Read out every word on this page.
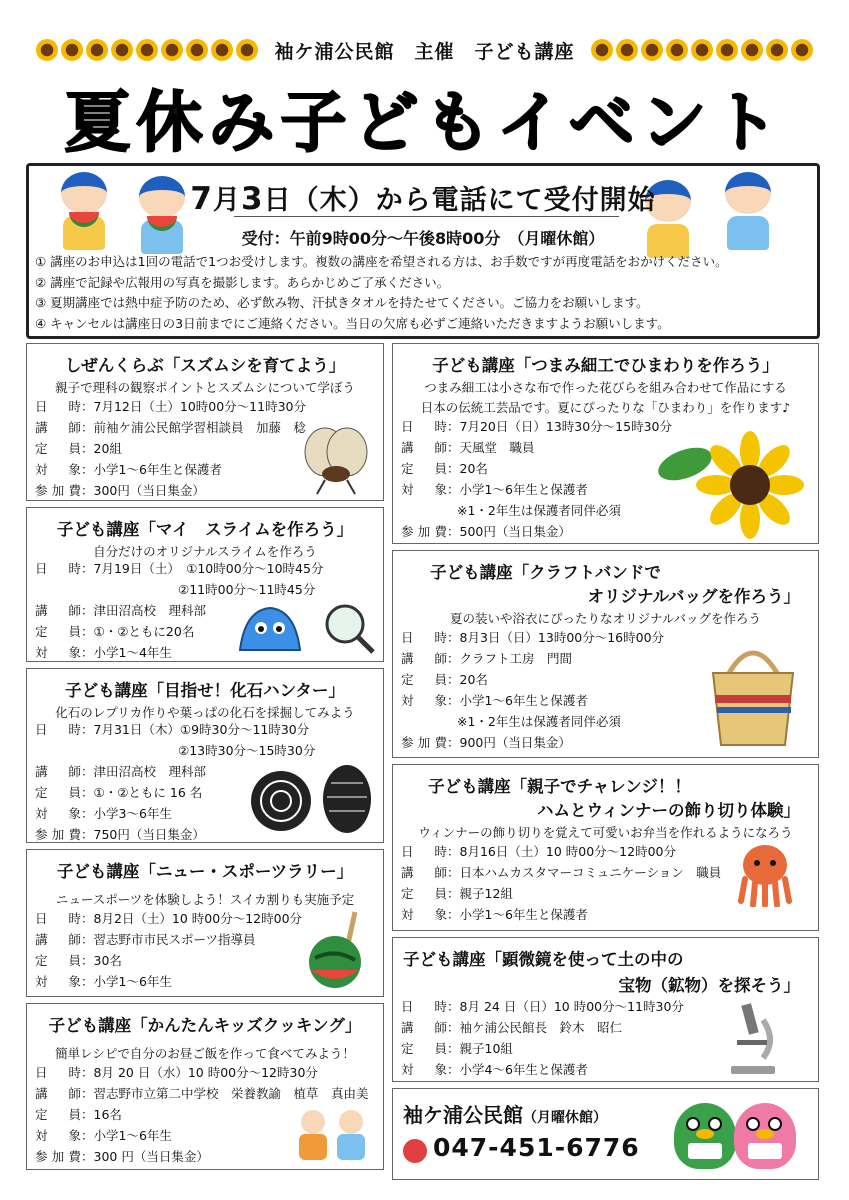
袖ケ浦公民館　主催　子ども講座
夏休み子どもイベント
7月3日（木）から電話にて受付開始
受付：午前9時00分～午後8時00分　（月曜休館）
① 講座のお申込は1回の電話で1つお受けします。複数の講座を希望される方は、お手数ですが再度電話をおかけください。
② 講座で記録や広報用の写真を撮影します。あらかじめご了承ください。
③ 夏期講座では熱中症予防のため、必ず飲み物、汗拭きタオルを持たせてください。ご協力をお願いします。
④ キャンセルは講座日の3日前までにご連絡ください。当日の欠席も必ずご連絡いただきますようお願いします。
しぜんくらぶ「スズムシを育てよう」
親子で理科の観察ポイントとスズムシについて学ぼう
日　時 ： 7月12日（土）10時00分～11時30分
講　師 ： 前袖ケ浦公民館学習相談員　加藤　稔
定　員 ： 20組
対　象 ： 小学1～6年生と保護者
参加費 ： 300円（当日集金）
子ども講座「マイ　スライムを作ろう」
自分だけのオリジナルスライムを作ろう
日　時 ： 7月19日（土）　①10時00分～10時45分
②11時00分～11時45分
講　師 ： 津田沼高校　理科部
定　員 ： ①・②ともに20名
対　象 ： 小学1～4年生
子ども講座「目指せ！化石ハンター」
化石のレプリカ作りや葉っぱの化石を採掘してみよう
日　時 ： 7月31日（木）①9時30分～11時30分
②13時30分～15時30分
講　師 ： 津田沼高校　理科部
定　員 ： ①・②ともに 16 名
対　象 ： 小学3～6年生
参加費 ： 750円（当日集金）
子ども講座「ニュー・スポーツラリー」
ニュースポーツを体験しよう！スイカ割りも実施予定
日　時 ： 8月2日（土）10 時00分～12時00分
講　師 ： 習志野市市民スポーツ指導員
定　員 ： 30名
対　象 ： 小学1～6年生
子ども講座「かんたんキッズクッキング」
簡単レシピで自分のお昼ご飯を作って食べてみよう！
日　時 ： 8月 20 日（水）10 時00分～12時30分
講　師 ： 習志野市立第二中学校　栄養教諭　植草　真由美
定　員 ： 16名
対　象 ： 小学1～6年生
参加費 ： 300 円（当日集金）
子ども講座「つまみ細工でひまわりを作ろう」
つまみ細工は小さな布で作った花びらを組み合わせて作品にする
日本の伝統工芸品です。夏にぴったりな「ひまわり」を作ります♪
日　時 ： 7月20日（日）13時30分～15時30分
講　師 ： 天風堂　職員
定　員 ： 20名
対　象 ： 小学1～6年生と保護者
※1・2年生は保護者同伴必須
参加費 ： 500円（当日集金）
子ども講座「クラフトバンドで
オリジナルバッグを作ろう」
夏の装いや浴衣にぴったりなオリジナルバッグを作ろう
日　時 ： 8月3日（日）13時00分～16時00分
講　師 ： クラフト工房　門間
定　員 ： 20名
対　象 ： 小学1～6年生と保護者
※1・2年生は保護者同伴必須
参加費 ： 900円（当日集金）
子ども講座「親子でチャレンジ！！
ハムとウィンナーの飾り切り体験」
ウィンナーの飾り切りを覚えて可愛いお弁当を作れるようになろう
日　時 ： 8月16日（土）10 時00分～12時00分
講　師 ： 日本ハムカスタマーコミュニケーション　職員
定　員 ： 親子12組
対　象 ： 小学1～6年生と保護者
子ども講座「顕微鏡を使って土の中の
宝物（鉱物）を探そう」
日　時 ： 8月 24 日（日）10 時00分～11時30分
講　師 ： 袖ケ浦公民館長　鈴木　昭仁
定　員 ： 親子10組
対　象 ： 小学4～6年生と保護者
袖ケ浦公民館（月曜休館）
047-451-6776
